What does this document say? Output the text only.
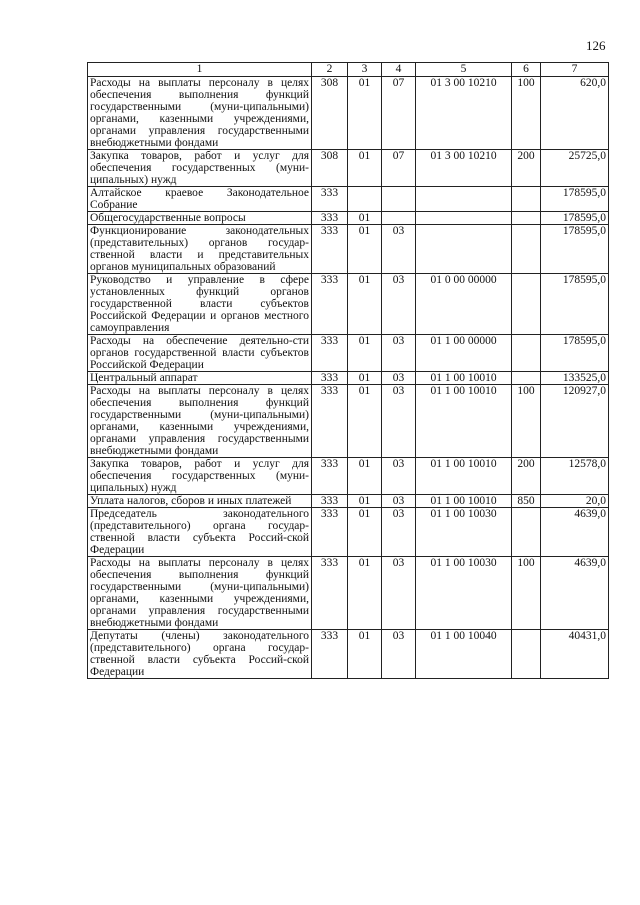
126
1	2	3	4	5	6	7
Расходы на выплаты персоналу в целях обеспечения выполнения функций государственными (муни-ципальными) органами, казенными учреждениями, органами управления государственными внебюджетными фондами	308	01	07	01 3 00 10210	100	620,0
Закупка товаров, работ и услуг для обеспечения государственных (муни-ципальных) нужд	308	01	07	01 3 00 10210	200	25725,0
Алтайское краевое Законодательное Собрание	333					178595,0
Общегосударственные вопросы	333	01				178595,0
Функционирование законодательных (представительных) органов государ-ственной власти и представительных органов муниципальных образований	333	01	03			178595,0
Руководство и управление в сфере установленных функций органов государственной власти субъектов Российской Федерации и органов местного самоуправления	333	01	03	01 0 00 00000		178595,0
Расходы на обеспечение деятельно-сти органов государственной власти субъектов Российской Федерации	333	01	03	01 1 00 00000		178595,0
Центральный аппарат	333	01	03	01 1 00 10010		133525,0
Расходы на выплаты персоналу в целях обеспечения выполнения функций государственными (муни-ципальными) органами, казенными учреждениями, органами управления государственными внебюджетными фондами	333	01	03	01 1 00 10010	100	120927,0
Закупка товаров, работ и услуг для обеспечения государственных (муни-ципальных) нужд	333	01	03	01 1 00 10010	200	12578,0
Уплата налогов, сборов и иных платежей	333	01	03	01 1 00 10010	850	20,0
Председатель законодательного (представительного) органа государ-ственной власти субъекта Россий-ской Федерации	333	01	03	01 1 00 10030		4639,0
Расходы на выплаты персоналу в целях обеспечения выполнения функций государственными (муни-ципальными) органами, казенными учреждениями, органами управления государственными внебюджетными фондами	333	01	03	01 1 00 10030	100	4639,0
Депутаты (члены) законодательного (представительного) органа государ-ственной власти субъекта Россий-ской Федерации	333	01	03	01 1 00 10040		40431,0
